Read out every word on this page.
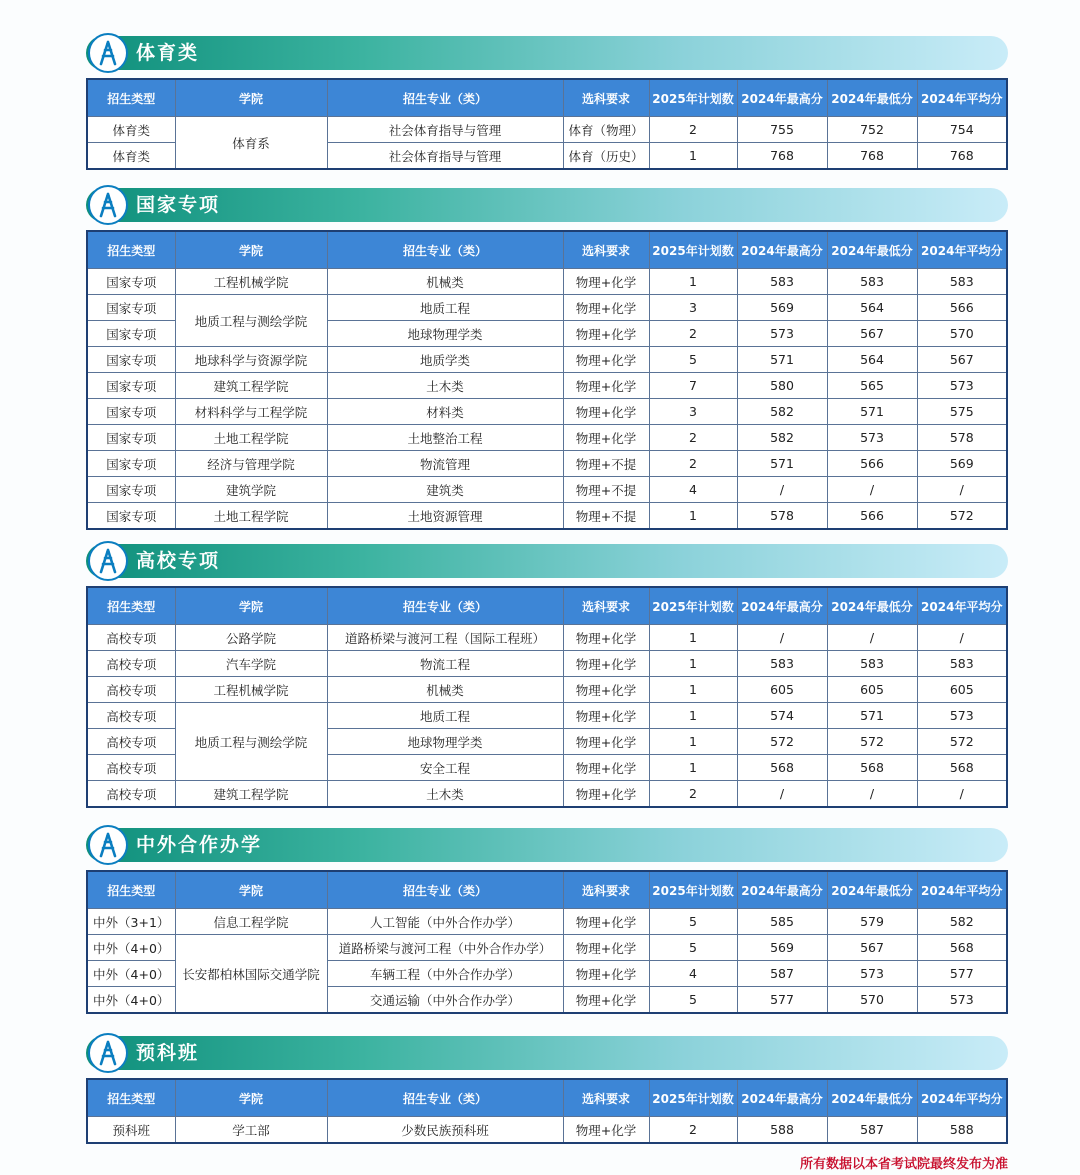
体育类
招生类型	学院	招生专业（类）	选科要求	2025年计划数	2024年最高分	2024年最低分	2024年平均分
体育类	体育系	社会体育指导与管理	体育（物理）	2	755	752	754
体育类		社会体育指导与管理	体育（历史）	1	768	768	768
国家专项
招生类型	学院	招生专业（类）	选科要求	2025年计划数	2024年最高分	2024年最低分	2024年平均分
国家专项	工程机械学院	机械类	物理+化学	1	583	583	583
国家专项	地质工程与测绘学院	地质工程	物理+化学	3	569	564	566
国家专项		地球物理学类	物理+化学	2	573	567	570
国家专项	地球科学与资源学院	地质学类	物理+化学	5	571	564	567
国家专项	建筑工程学院	土木类	物理+化学	7	580	565	573
国家专项	材料科学与工程学院	材料类	物理+化学	3	582	571	575
国家专项	土地工程学院	土地整治工程	物理+化学	2	582	573	578
国家专项	经济与管理学院	物流管理	物理+不提	2	571	566	569
国家专项	建筑学院	建筑类	物理+不提	4	/	/	/
国家专项	土地工程学院	土地资源管理	物理+不提	1	578	566	572
高校专项
招生类型	学院	招生专业（类）	选科要求	2025年计划数	2024年最高分	2024年最低分	2024年平均分
高校专项	公路学院	道路桥梁与渡河工程（国际工程班）	物理+化学	1	/	/	/
高校专项	汽车学院	物流工程	物理+化学	1	583	583	583
高校专项	工程机械学院	机械类	物理+化学	1	605	605	605
高校专项	地质工程与测绘学院	地质工程	物理+化学	1	574	571	573
高校专项		地球物理学类	物理+化学	1	572	572	572
高校专项		安全工程	物理+化学	1	568	568	568
高校专项	建筑工程学院	土木类	物理+化学	2	/	/	/
中外合作办学
招生类型	学院	招生专业（类）	选科要求	2025年计划数	2024年最高分	2024年最低分	2024年平均分
中外（3+1）	信息工程学院	人工智能（中外合作办学）	物理+化学	5	585	579	582
中外（4+0）	长安都柏林国际交通学院	道路桥梁与渡河工程（中外合作办学）	物理+化学	5	569	567	568
中外（4+0）		车辆工程（中外合作办学）	物理+化学	4	587	573	577
中外（4+0）		交通运输（中外合作办学）	物理+化学	5	577	570	573
预科班
招生类型	学院	招生专业（类）	选科要求	2025年计划数	2024年最高分	2024年最低分	2024年平均分
预科班	学工部	少数民族预科班	物理+化学	2	588	587	588
所有数据以本省考试院最终发布为准
